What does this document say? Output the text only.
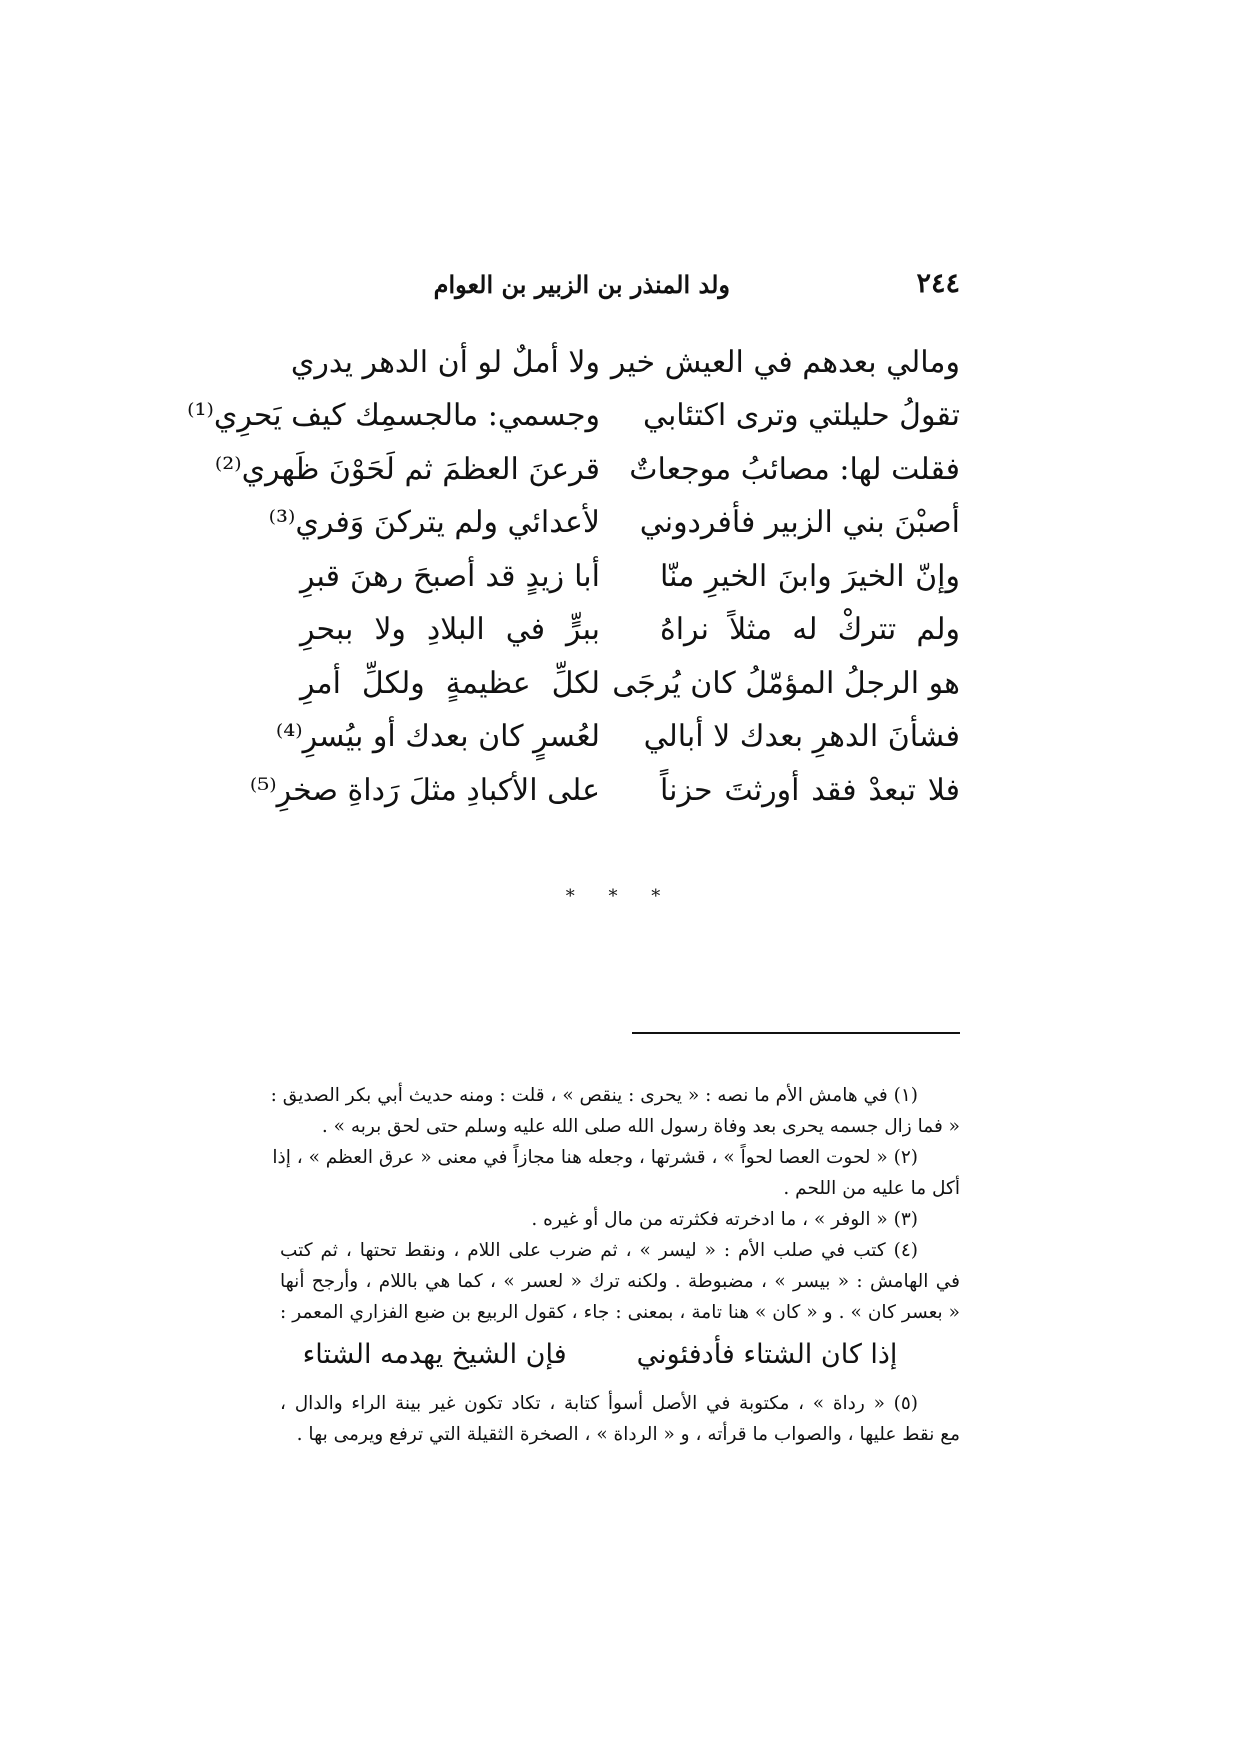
٢٤٤
ولد المنذر بن الزبير بن العوام
ومالي بعدهم في العيش خير
ولا أملٌ لو أن الدهر يدري
تقولُ حليلتي وترى اكتئابي
وجسمي: مالجسمِك كيف يَحرِي⁽¹⁾
فقلت لها: مصائبُ موجعاتٌ
قرعنَ العظمَ ثم لَحَوْنَ ظَهري⁽²⁾
أصبْنَ بني الزبير فأفردوني
لأعدائي ولم يتركنَ وَفري⁽³⁾
وإنّ الخيرَ وابنَ الخيرِ منّا
أبا زيدٍ قد أصبحَ رهنَ قبرِ
ولم تتركْ له مثلاً نراهُ
ببرٍّ في البلادِ ولا ببحرِ
هو الرجلُ المؤمّلُ كان يُرجَى
لكلِّ عظيمةٍ ولكلِّ أمرِ
فشأنَ الدهرِ بعدك لا أبالي
لعُسرٍ كان بعدك أو بيُسرِ⁽⁴⁾
فلا تبعدْ فقد أورثتَ حزناً
على الأكبادِ مثلَ رَداةِ صخرِ⁽⁵⁾
* * *
(١) في هامش الأم ما نصه : « يحرى : ينقص » ، قلت : ومنه حديث أبي بكر الصديق :
« فما زال جسمه يحرى بعد وفاة رسول الله صلى الله عليه وسلم حتى لحق بربه » .
(٢) « لحوت العصا لحواً » ، قشرتها ، وجعله هنا مجازاً في معنى « عرق العظم » ، إذا
أكل ما عليه من اللحم .
(٣) « الوفر » ، ما ادخرته فكثرته من مال أو غيره .
(٤) كتب في صلب الأم : « ليسر » ، ثم ضرب على اللام ، ونقط تحتها ، ثم كتب
في الهامش : « بيسر » ، مضبوطة . ولكنه ترك « لعسر » ، كما هي باللام ، وأرجح أنها
« بعسر كان » . و « كان » هنا تامة ، بمعنى : جاء ، كقول الربيع بن ضبع الفزاري المعمر :
إذا كان الشتاء فأدفئوني
فإن الشيخ يهدمه الشتاء
(٥) « رداة » ، مكتوبة في الأصل أسوأ كتابة ، تكاد تكون غير بينة الراء والدال ،
مع نقط عليها ، والصواب ما قرأته ، و « الرداة » ، الصخرة الثقيلة التي ترفع ويرمى بها .
